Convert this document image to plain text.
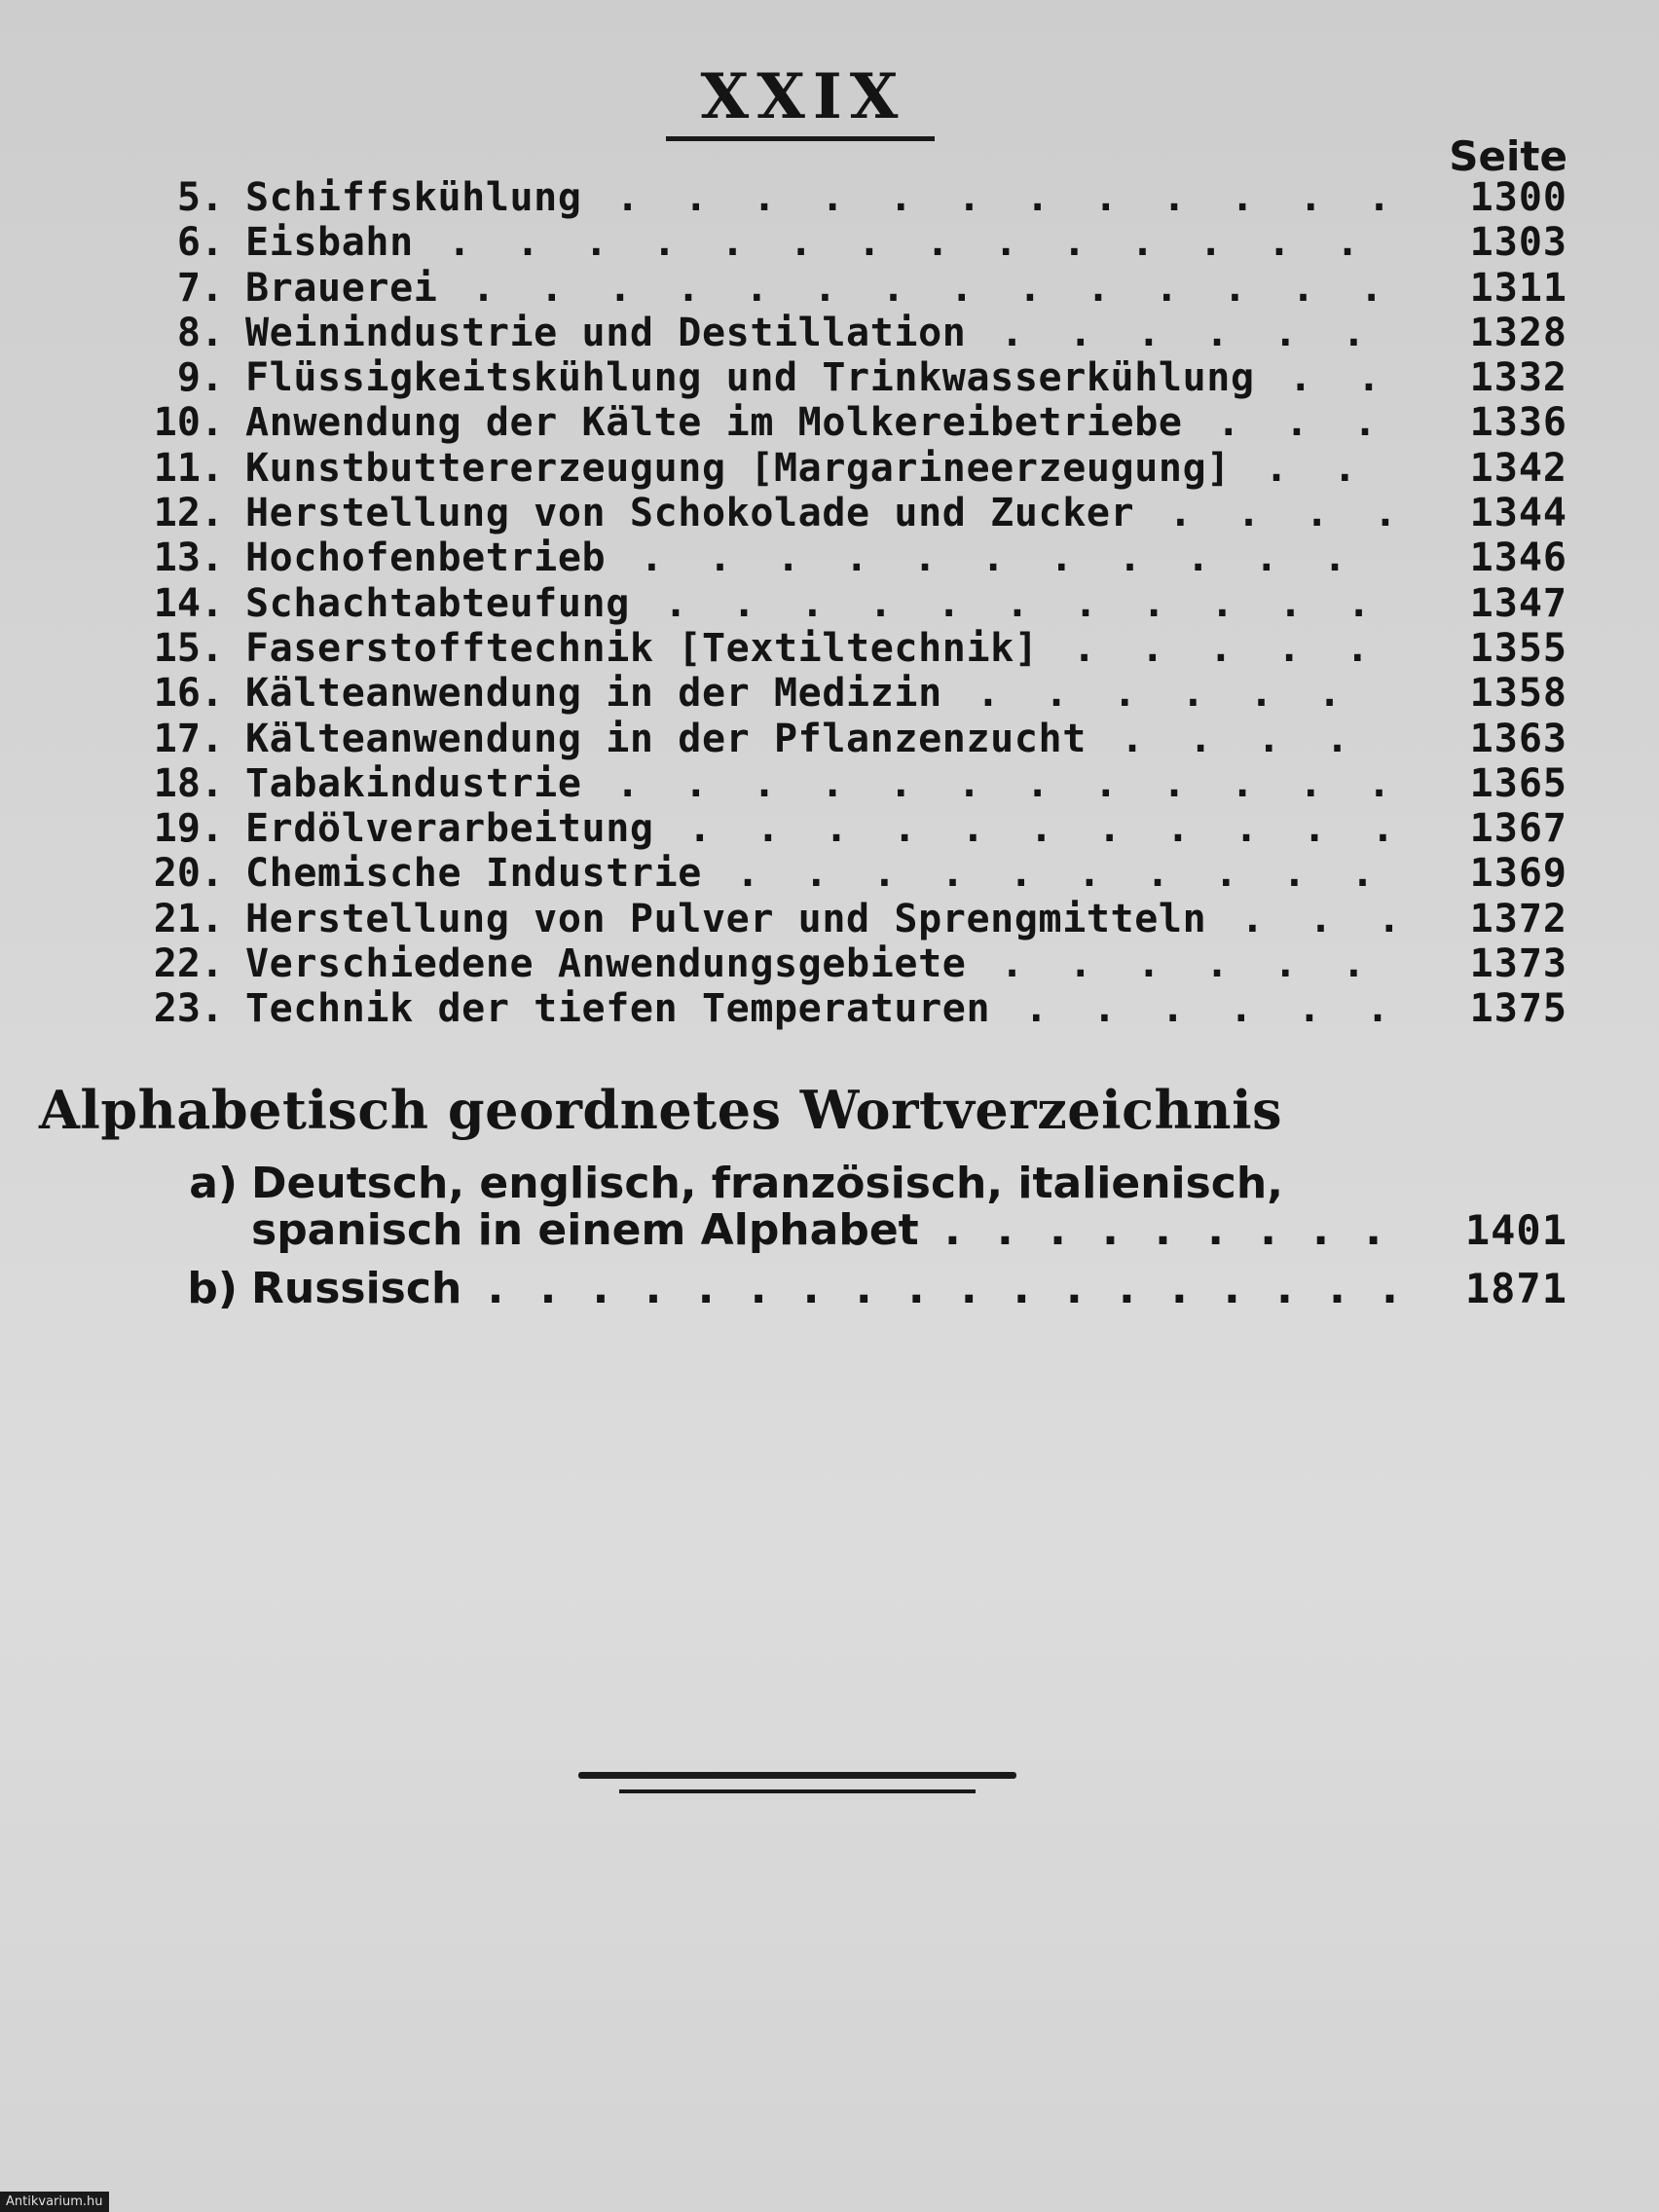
XXIX
Seite
5. Schiffskühlung . . .	1300
6. Eisbahn . . .	1303
7. Brauerei . . .	1311
8. Weinindustrie und Destillation . . .	1328
9. Flüssigkeitskühlung und Trinkwasserkühlung . . .	1332
10. Anwendung der Kälte im Molkereibetriebe . . .	1336
11. Kunstbuttererzeugung [Margarineerzeugung] . . .	1342
12. Herstellung von Schokolade und Zucker . . .	1344
13. Hochofenbetrieb . . .	1346
14. Schachtabteufung . . .	1347
15. Faserstofftechnik [Textiltechnik] . . .	1355
16. Kälteanwendung in der Medizin . . .	1358
17. Kälteanwendung in der Pflanzenzucht . . .	1363
18. Tabakindustrie . . .	1365
19. Erdölverarbeitung . . .	1367
20. Chemische Industrie . . .	1369
21. Herstellung von Pulver und Sprengmitteln . . .	1372
22. Verschiedene Anwendungsgebiete . . .	1373
23. Technik der tiefen Temperaturen . . .	1375
Alphabetisch geordnetes Wortverzeichnis
a) Deutsch, englisch, französisch, italienisch,
spanisch in einem Alphabet . . .	1401
b) Russisch . . .	1871
Antikvarium.hu
